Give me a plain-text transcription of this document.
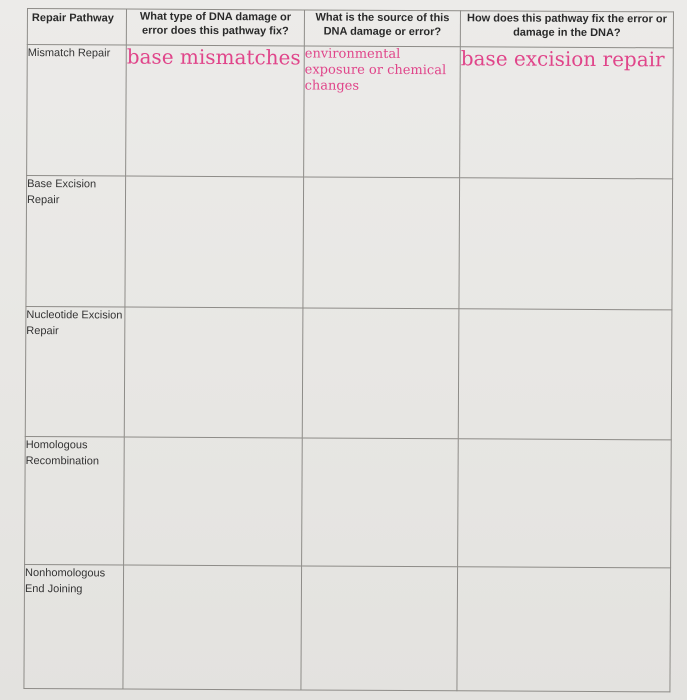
Repair Pathway	What type of DNA damage or error does this pathway fix?	What is the source of this DNA damage or error?	How does this pathway fix the error or damage in the DNA?
Mismatch Repair	base mismatches	environmental exposure or chemical changes	base excision repair
Base Excision Repair			
Nucleotide Excision Repair			
Homologous Recombination			
Nonhomologous End Joining			
